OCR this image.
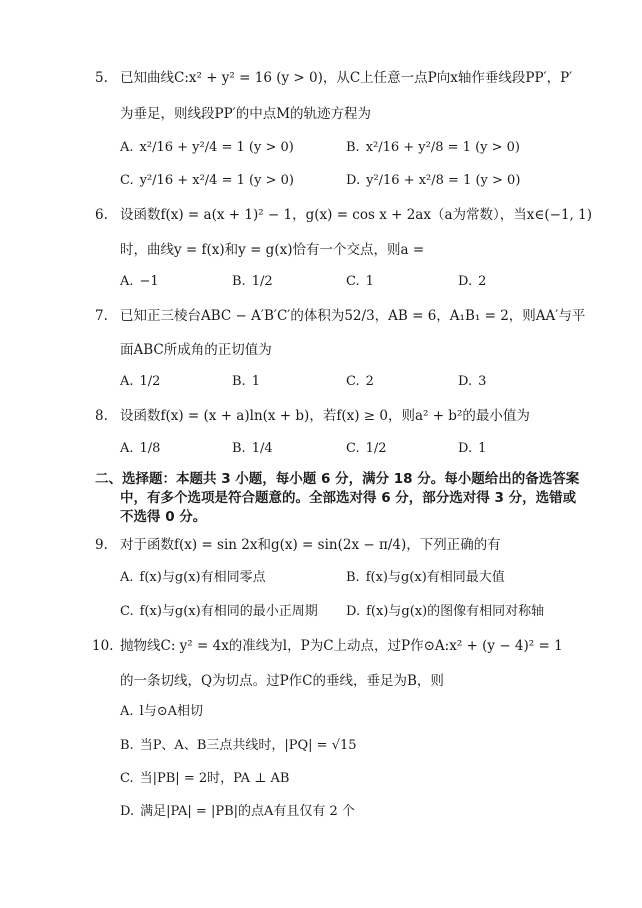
5. 已知曲线C:x² + y² = 16 (y > 0)，从C上任意一点P向x轴作垂线段PP′，P′
为垂足，则线段PP′的中点M的轨迹方程为
A. x²/16 + y²/4 = 1 (y > 0)	B. x²/16 + y²/8 = 1 (y > 0)
C. y²/16 + x²/4 = 1 (y > 0)	D. y²/16 + x²/8 = 1 (y > 0)
6. 设函数f(x) = a(x + 1)² − 1，g(x) = cos x + 2ax（a为常数），当x∈(−1, 1)
时，曲线y = f(x)和y = g(x)恰有一个交点，则a =
A. −1	B. 1/2	C. 1	D. 2
7. 已知正三棱台ABC − A′B′C′的体积为52/3，AB = 6，A₁B₁ = 2，则AA′与平
面ABC所成角的正切值为
A. 1/2	B. 1	C. 2	D. 3
8. 设函数f(x) = (x + a)ln(x + b)，若f(x) ≥ 0，则a² + b²的最小值为
A. 1/8	B. 1/4	C. 1/2	D. 1
二、选择题：本题共 3 小题，每小题 6 分，满分 18 分。每小题给出的备选答案
中，有多个选项是符合题意的。全部选对得 6 分，部分选对得 3 分，选错或
不选得 0 分。
9. 对于函数f(x) = sin 2x和g(x) = sin(2x − π/4)，下列正确的有
A. f(x)与g(x)有相同零点	B. f(x)与g(x)有相同最大值
C. f(x)与g(x)有相同的最小正周期 D. f(x)与g(x)的图像有相同对称轴
10. 抛物线C: y² = 4x的准线为l，P为C上动点，过P作⊙A:x² + (y − 4)² = 1
的一条切线，Q为切点。过P作C的垂线，垂足为B，则
A. l与⊙A相切
B. 当P、A、B三点共线时，|PQ| = √15
C. 当|PB| = 2时，PA ⊥ AB
D. 满足|PA| = |PB|的点A有且仅有 2 个
